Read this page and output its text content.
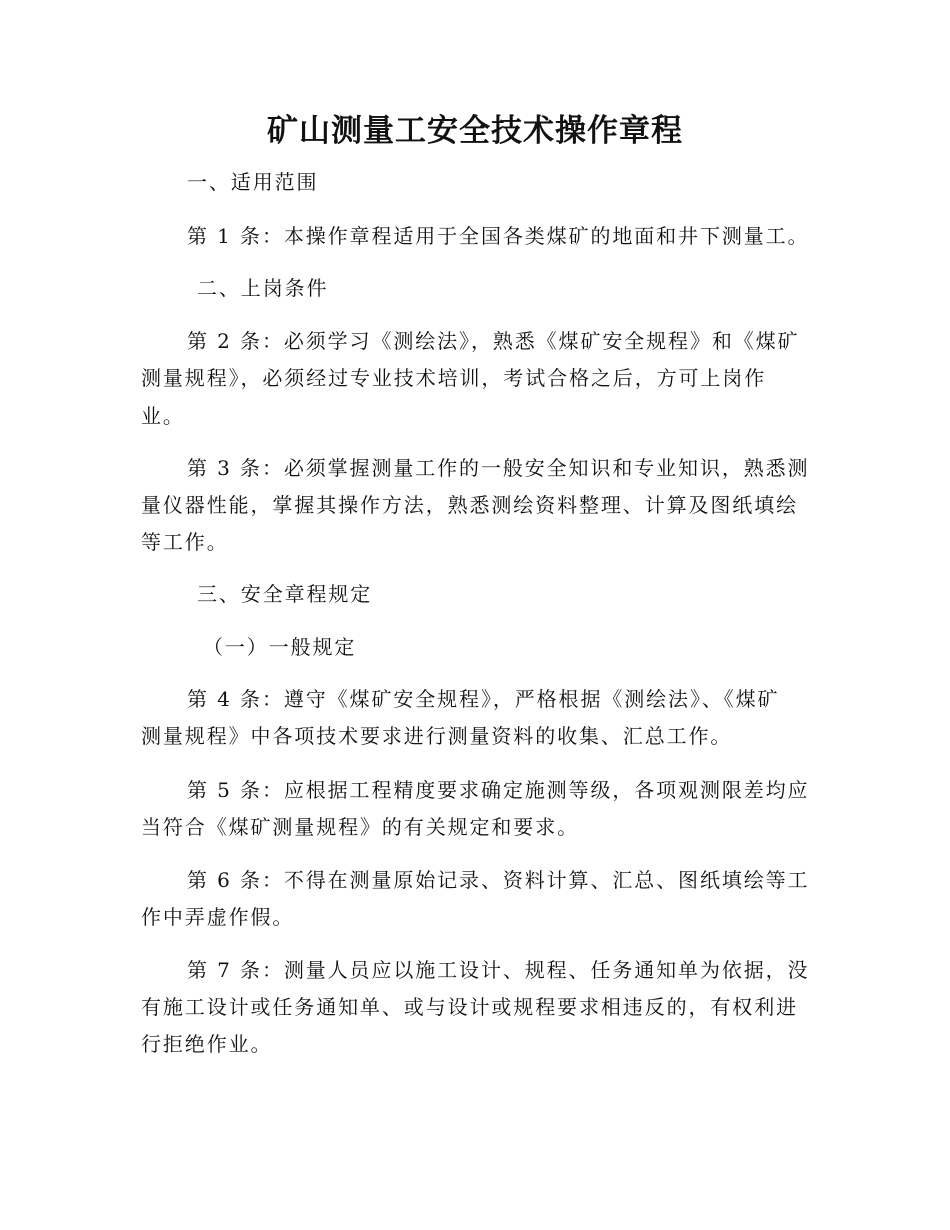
矿山测量工安全技术操作章程
一、适用范围
第 1 条：本操作章程适用于全国各类煤矿的地面和井下测量工。
二、上岗条件
第 2 条：必须学习《测绘法》，熟悉《煤矿安全规程》和《煤矿
测量规程》，必须经过专业技术培训，考试合格之后，方可上岗作
业。
第 3 条：必须掌握测量工作的一般安全知识和专业知识，熟悉测
量仪器性能，掌握其操作方法，熟悉测绘资料整理、计算及图纸填绘
等工作。
三、安全章程规定
（一）一般规定
第 4 条：遵守《煤矿安全规程》，严格根据《测绘法》、《煤矿
测量规程》中各项技术要求进行测量资料的收集、汇总工作。
第 5 条：应根据工程精度要求确定施测等级，各项观测限差均应
当符合《煤矿测量规程》的有关规定和要求。
第 6 条：不得在测量原始记录、资料计算、汇总、图纸填绘等工
作中弄虚作假。
第 7 条：测量人员应以施工设计、规程、任务通知单为依据，没
有施工设计或任务通知单、或与设计或规程要求相违反的，有权利进
行拒绝作业。
